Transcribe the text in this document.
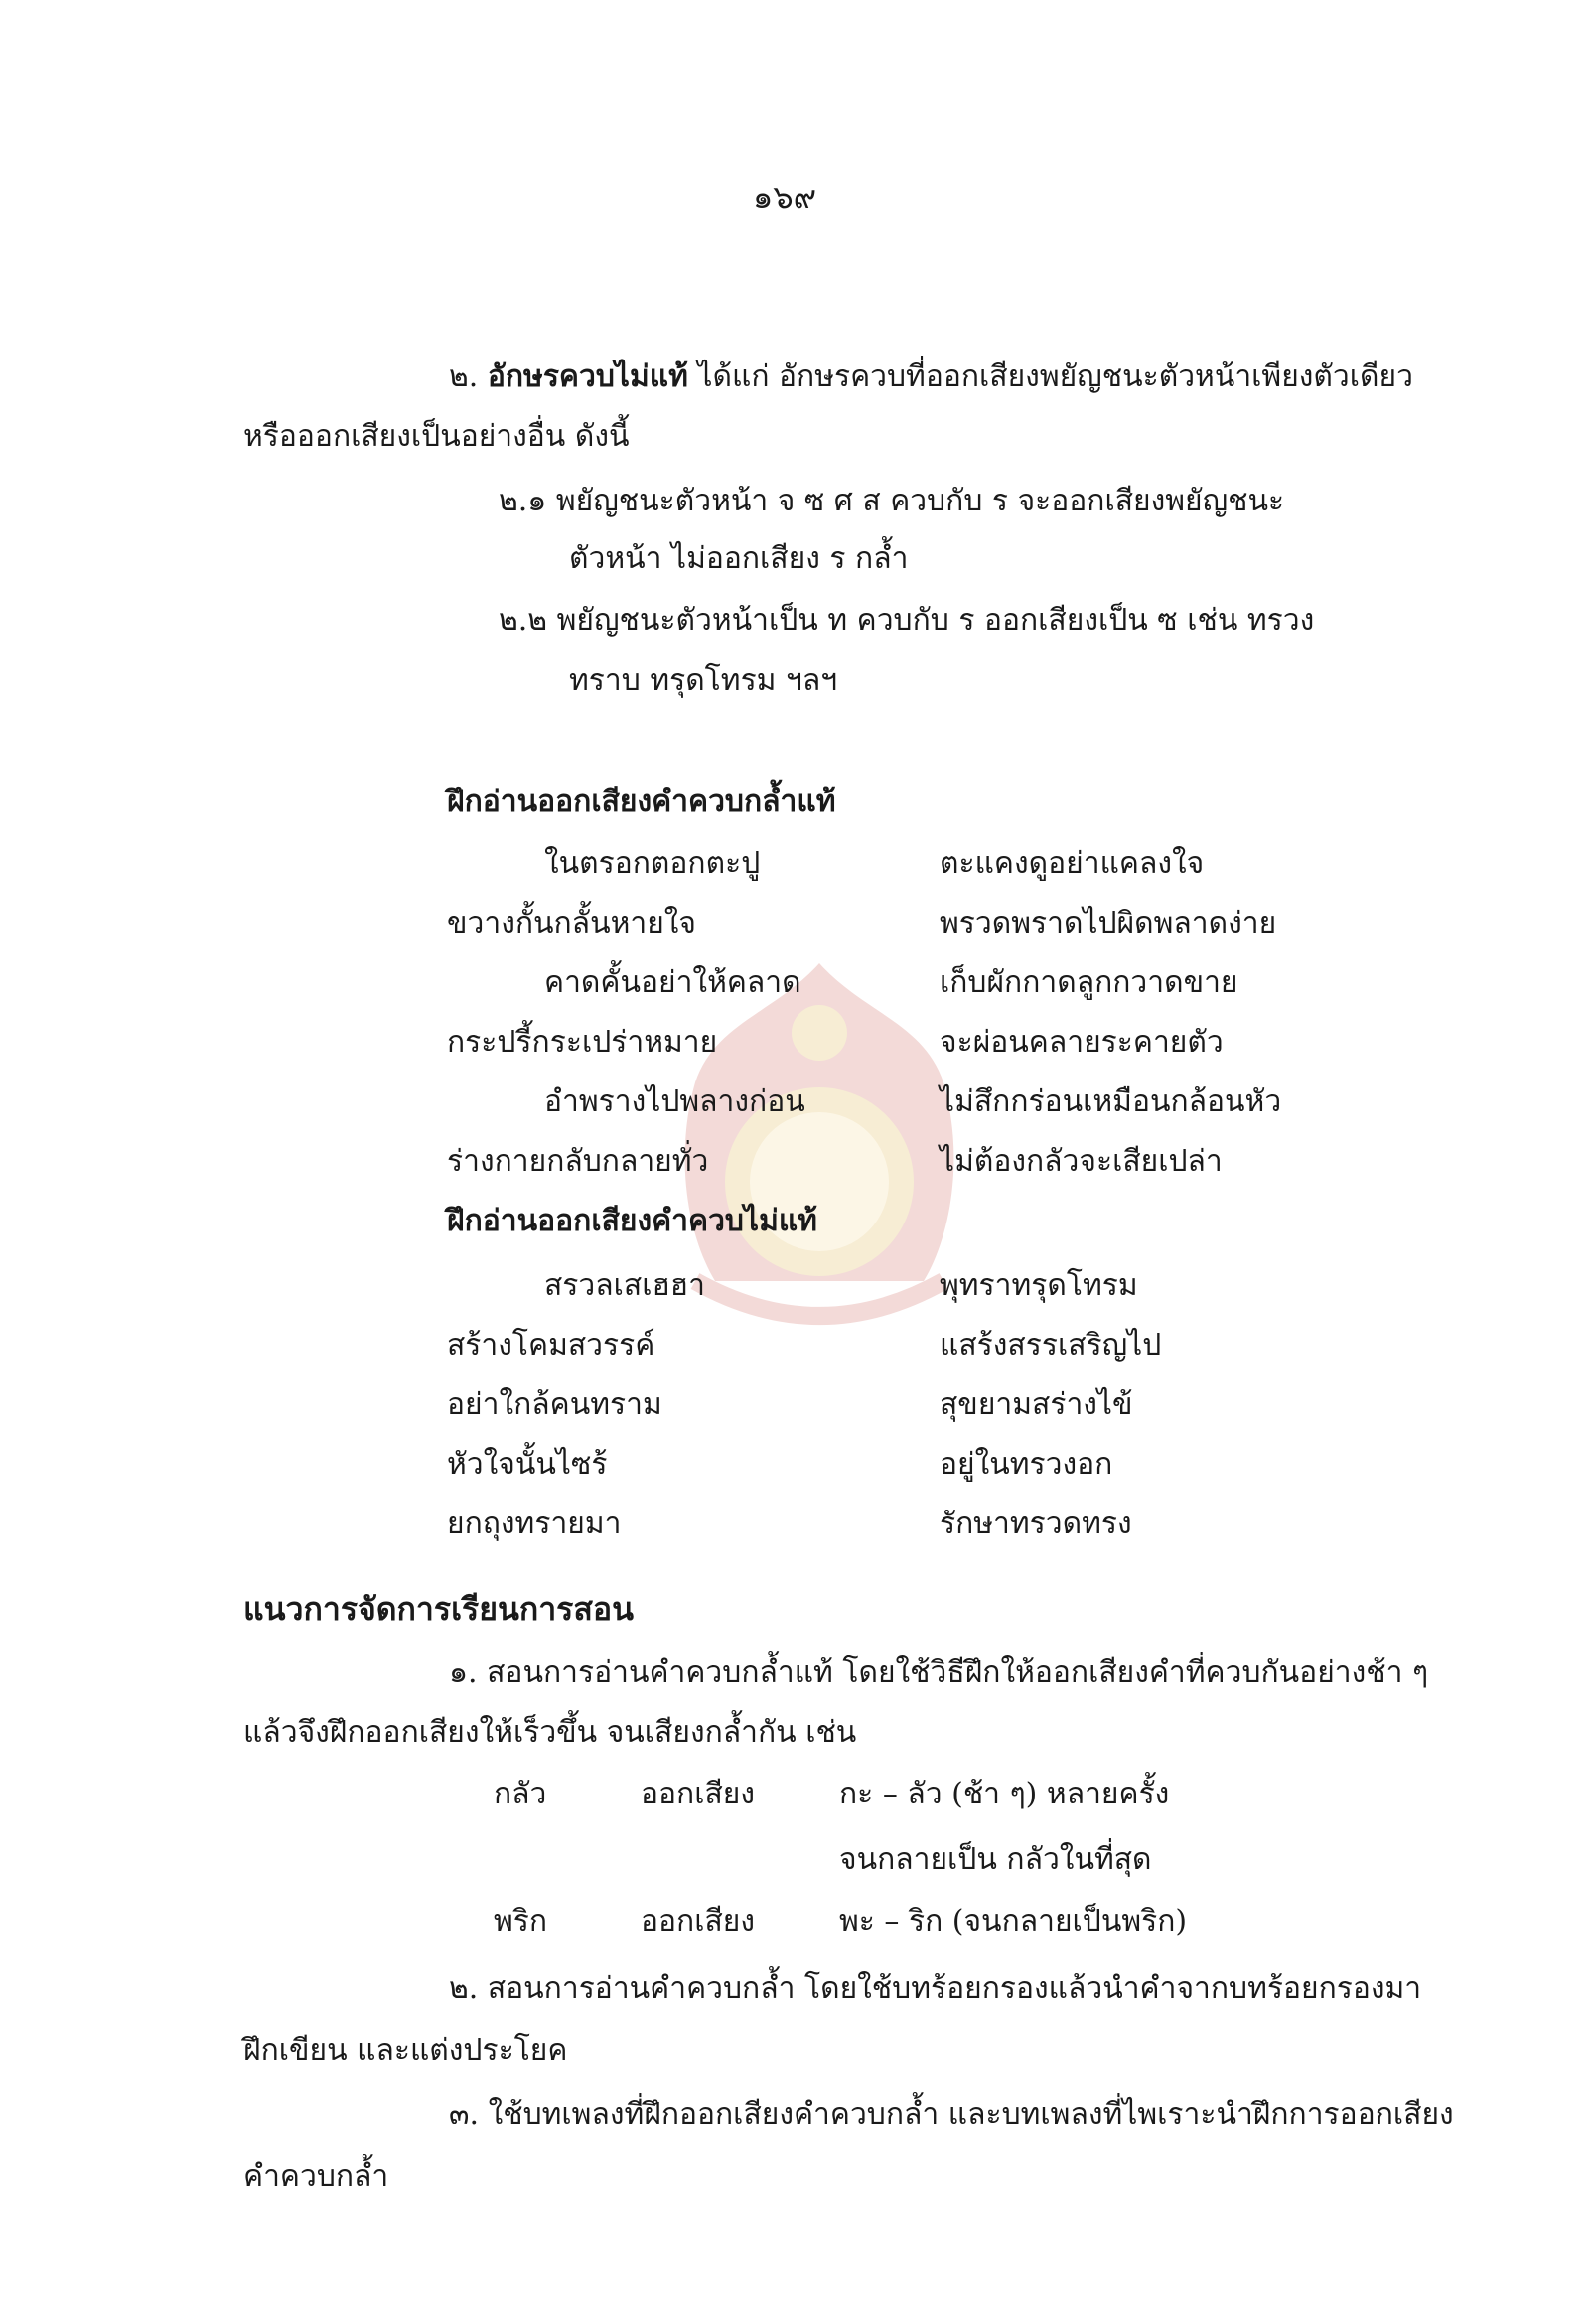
๑๖๙
๒. อักษรควบไม่แท้ ได้แก่ อักษรควบที่ออกเสียงพยัญชนะตัวหน้าเพียงตัวเดียว
หรือออกเสียงเป็นอย่างอื่น ดังนี้
๒.๑ พยัญชนะตัวหน้า จ ซ ศ ส ควบกับ ร จะออกเสียงพยัญชนะ
ตัวหน้า ไม่ออกเสียง ร กล้ำ
๒.๒ พยัญชนะตัวหน้าเป็น ท ควบกับ ร ออกเสียงเป็น ซ เช่น ทรวง
ทราบ ทรุดโทรม ฯลฯ
ฝึกอ่านออกเสียงคำควบกล้ำแท้
ในตรอกตอกตะปู	ตะแคงดูอย่าแคลงใจ
ขวางกั้นกลั้นหายใจ	พรวดพราดไปผิดพลาดง่าย
คาดคั้นอย่าให้คลาด	เก็บผักกาดลูกกวาดขาย
กระปรี้กระเปร่าหมาย	จะผ่อนคลายระคายตัว
อำพรางไปพลางก่อน	ไม่สึกกร่อนเหมือนกล้อนหัว
ร่างกายกลับกลายทั่ว	ไม่ต้องกลัวจะเสียเปล่า
ฝึกอ่านออกเสียงคำควบไม่แท้
สรวลเสเฮฮา	พุทราทรุดโทรม
สร้างโคมสวรรค์	แสร้งสรรเสริญไป
อย่าใกล้คนทราม	สุขยามสร่างไข้
หัวใจนั้นไซร้	อยู่ในทรวงอก
ยกถุงทรายมา	รักษาทรวดทรง
แนวการจัดการเรียนการสอน
๑. สอนการอ่านคำควบกล้ำแท้ โดยใช้วิธีฝึกให้ออกเสียงคำที่ควบกันอย่างช้า ๆ
แล้วจึงฝึกออกเสียงให้เร็วขึ้น จนเสียงกล้ำกัน เช่น
กลัว	ออกเสียง	กะ – ลัว (ช้า ๆ) หลายครั้ง
จนกลายเป็น กลัวในที่สุด
พริก	ออกเสียง	พะ – ริก (จนกลายเป็นพริก)
๒. สอนการอ่านคำควบกล้ำ โดยใช้บทร้อยกรองแล้วนำคำจากบทร้อยกรองมา
ฝึกเขียน และแต่งประโยค
๓. ใช้บทเพลงที่ฝึกออกเสียงคำควบกล้ำ และบทเพลงที่ไพเราะนำฝึกการออกเสียง
คำควบกล้ำ
